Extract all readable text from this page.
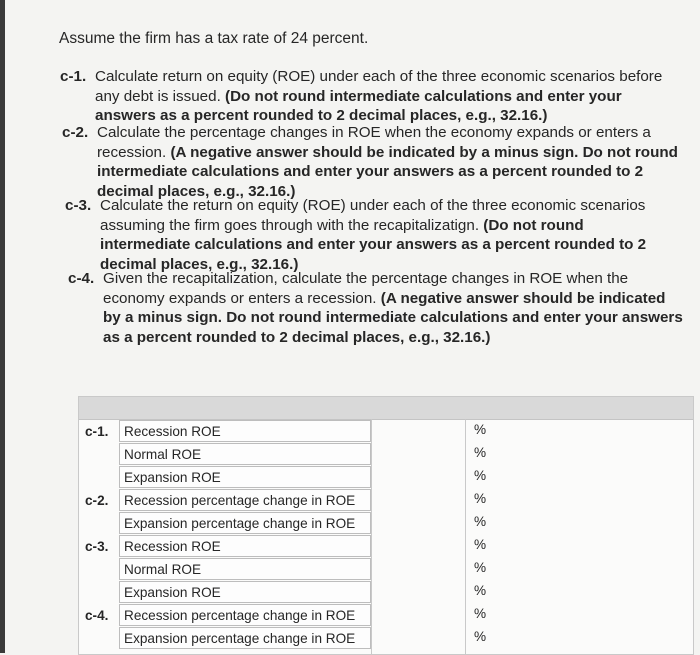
Assume the firm has a tax rate of 24 percent.
c-1. Calculate return on equity (ROE) under each of the three economic scenarios before
any debt is issued. (Do not round intermediate calculations and enter your
answers as a percent rounded to 2 decimal places, e.g., 32.16.)
c-2. Calculate the percentage changes in ROE when the economy expands or enters a
recession. (A negative answer should be indicated by a minus sign. Do not round
intermediate calculations and enter your answers as a percent rounded to 2
decimal places, e.g., 32.16.)
c-3. Calculate the return on equity (ROE) under each of the three economic scenarios
assuming the firm goes through with the recapitalizatign. (Do not round
intermediate calculations and enter your answers as a percent rounded to 2
decimal places, e.g., 32.16.)
c-4. Given the recapitalization, calculate the percentage changes in ROE when the
economy expands or enters a recession. (A negative answer should be indicated
by a minus sign. Do not round intermediate calculations and enter your answers
as a percent rounded to 2 decimal places, e.g., 32.16.)
c-1.	Recession ROE	%
Normal ROE	%
Expansion ROE	%
c-2.	Recession percentage change in ROE	%
Expansion percentage change in ROE	%
c-3.	Recession ROE	%
Normal ROE	%
Expansion ROE	%
c-4.	Recession percentage change in ROE	%
Expansion percentage change in ROE	%
